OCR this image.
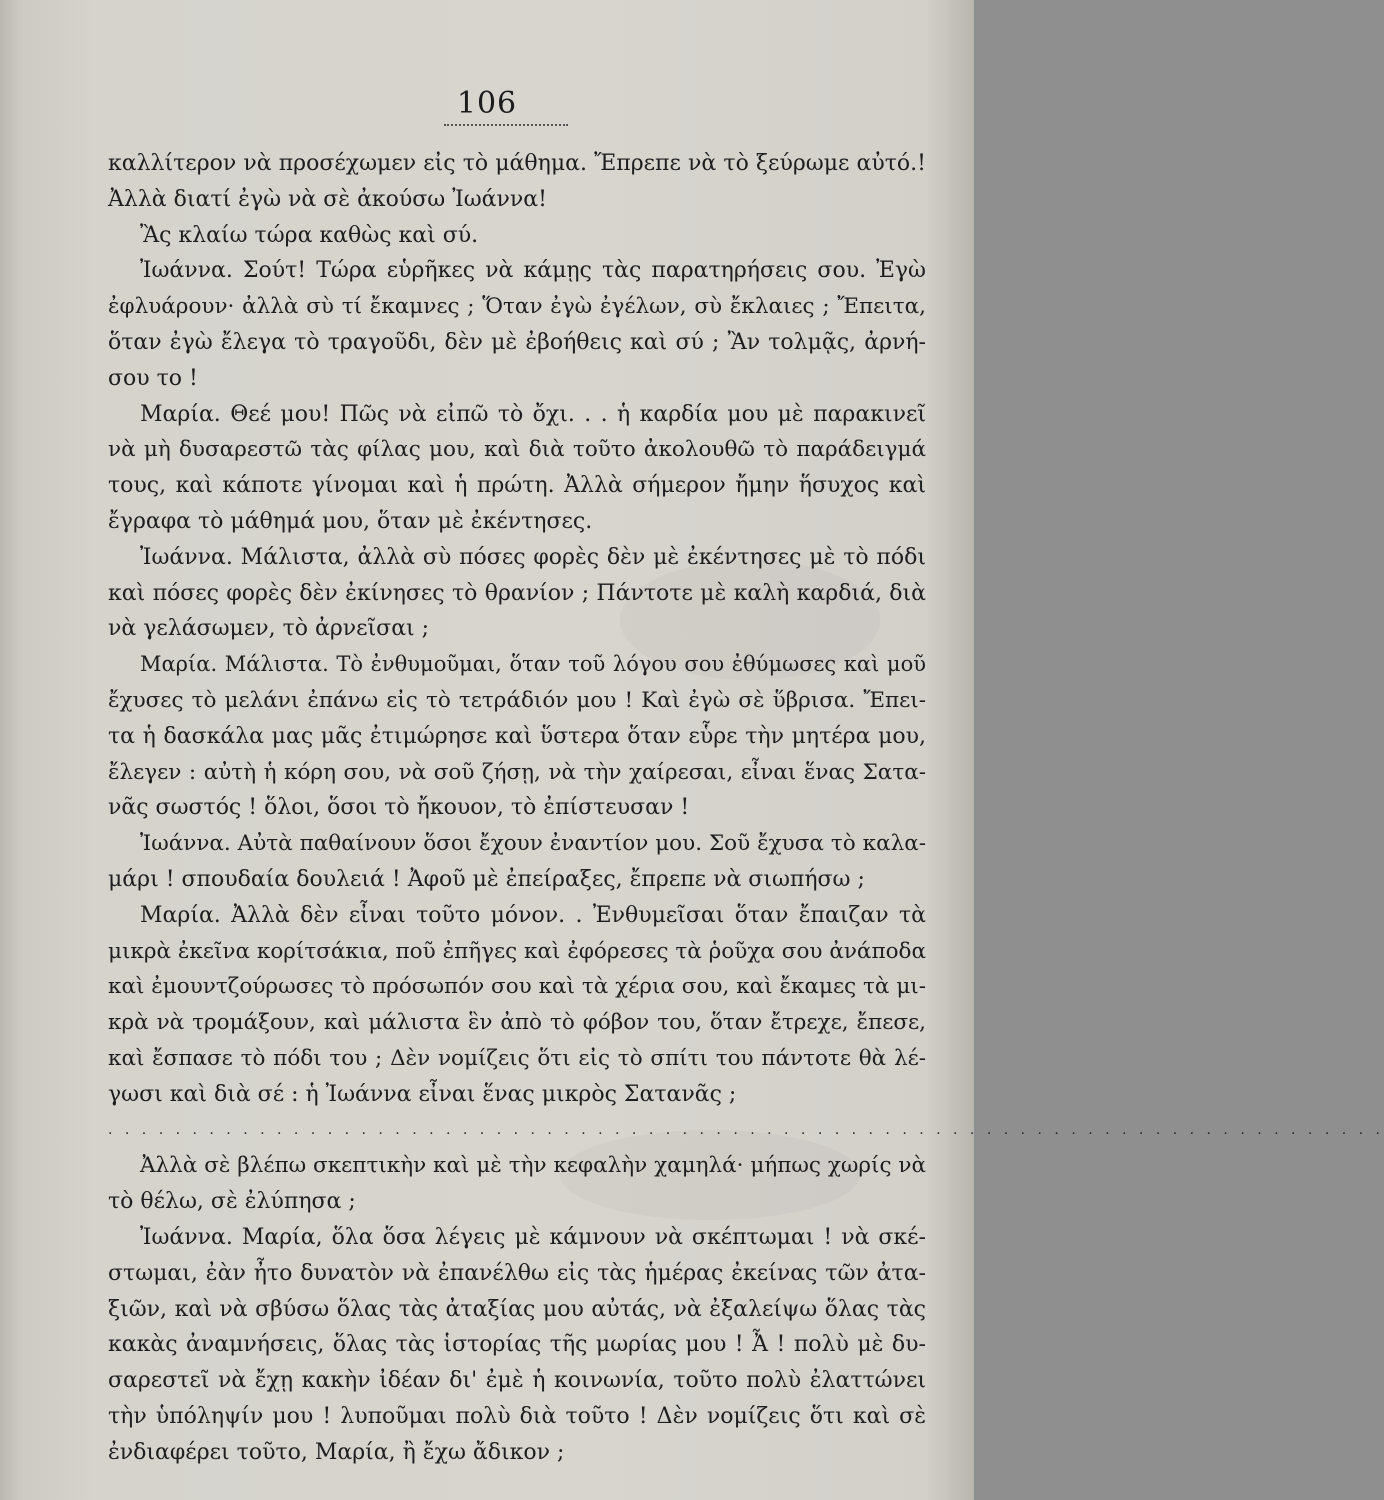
106
καλλίτερον νὰ προσέχωμεν εἰς τὸ μάθημα. Ἔπρεπε νὰ τὸ ξεύρωμε αὐτό.!
Ἀλλὰ διατί ἐγὼ νὰ σὲ ἀκούσω Ἰωάννα!
Ἂς κλαίω τώρα καθὼς καὶ σύ.
Ἰωάννα. Σούτ! Τώρα εὑρῆκες νὰ κάμῃς τὰς παρατηρήσεις σου. Ἐγὼ
ἐφλυάρουν· ἀλλὰ σὺ τί ἔκαμνες ; Ὅταν ἐγὼ ἐγέλων, σὺ ἔκλαιες ; Ἔπειτα,
ὅταν ἐγὼ ἔλεγα τὸ τραγοῦδι, δὲν μὲ ἐβοήθεις καὶ σύ ; Ἂν τολμᾷς, ἀρνή-
σου το !
Μαρία. Θεέ μου! Πῶς νὰ εἰπῶ τὸ ὄχι. . . ἡ καρδία μου μὲ παρακινεῖ
νὰ μὴ δυσαρεστῶ τὰς φίλας μου, καὶ διὰ τοῦτο ἀκολουθῶ τὸ παράδειγμά
τους, καὶ κάποτε γίνομαι καὶ ἡ πρώτη. Ἀλλὰ σήμερον ἤμην ἥσυχος καὶ
ἔγραφα τὸ μάθημά μου, ὅταν μὲ ἐκέντησες.
Ἰωάννα. Μάλιστα, ἀλλὰ σὺ πόσες φορὲς δὲν μὲ ἐκέντησες μὲ τὸ πόδι
καὶ πόσες φορὲς δὲν ἐκίνησες τὸ θρανίον ; Πάντοτε μὲ καλὴ καρδιά, διὰ
νὰ γελάσωμεν, τὸ ἀρνεῖσαι ;
Μαρία. Μάλιστα. Τὸ ἐνθυμοῦμαι, ὅταν τοῦ λόγου σου ἐθύμωσες καὶ μοῦ
ἔχυσες τὸ μελάνι ἐπάνω εἰς τὸ τετράδιόν μου ! Καὶ ἐγὼ σὲ ὕβρισα. Ἔπει-
τα ἡ δασκάλα μας μᾶς ἐτιμώρησε καὶ ὕστερα ὅταν εὗρε τὴν μητέρα μου,
ἔλεγεν : αὐτὴ ἡ κόρη σου, νὰ σοῦ ζήσῃ, νὰ τὴν χαίρεσαι, εἶναι ἕνας Σατα-
νᾶς σωστός ! ὅλοι, ὅσοι τὸ ἤκουον, τὸ ἐπίστευσαν !
Ἰωάννα. Αὐτὰ παθαίνουν ὅσοι ἔχουν ἐναντίον μου. Σοῦ ἔχυσα τὸ καλα-
μάρι ! σπουδαία δουλειά ! Ἀφοῦ μὲ ἐπείραξες, ἔπρεπε νὰ σιωπήσω ;
Μαρία. Ἀλλὰ δὲν εἶναι τοῦτο μόνον. . Ἐνθυμεῖσαι ὅταν ἔπαιζαν τὰ
μικρὰ ἐκεῖνα κορίτσάκια, ποῦ ἐπῆγες καὶ ἐφόρεσες τὰ ῥοῦχα σου ἀνάποδα
καὶ ἐμουντζούρωσες τὸ πρόσωπόν σου καὶ τὰ χέρια σου, καὶ ἔκαμες τὰ μι-
κρὰ νὰ τρομάξουν, καὶ μάλιστα ἓν ἀπὸ τὸ φόβον του, ὅταν ἔτρεχε, ἔπεσε,
καὶ ἔσπασε τὸ πόδι του ; Δὲν νομίζεις ὅτι εἰς τὸ σπίτι του πάντοτε θὰ λέ-
γωσι καὶ διὰ σέ : ἡ Ἰωάννα εἶναι ἕνας μικρὸς Σατανᾶς ;
. . . . . . . . . . . . . . . . . . . . . . . . . . . . . . . . . . . . . . . . . . . . . . . . . . . . . . . . . . . . . . . . . . . . . . . . . . . .
Ἀλλὰ σὲ βλέπω σκεπτικὴν καὶ μὲ τὴν κεφαλὴν χαμηλά· μήπως χωρίς νὰ
τὸ θέλω, σὲ ἐλύπησα ;
Ἰωάννα. Μαρία, ὅλα ὅσα λέγεις μὲ κάμνουν νὰ σκέπτωμαι ! νὰ σκέ-
στωμαι, ἐὰν ἦτο δυνατὸν νὰ ἐπανέλθω εἰς τὰς ἡμέρας ἐκείνας τῶν ἀτα-
ξιῶν, καὶ νὰ σβύσω ὅλας τὰς ἀταξίας μου αὐτάς, νὰ ἐξαλείψω ὅλας τὰς
κακὰς ἀναμνήσεις, ὅλας τὰς ἱστορίας τῆς μωρίας μου ! Ἆ ! πολὺ μὲ δυ-
σαρεστεῖ νὰ ἔχῃ κακὴν ἰδέαν δι' ἐμὲ ἡ κοινωνία, τοῦτο πολὺ ἐλαττώνει
τὴν ὑπόληψίν μου ! λυποῦμαι πολὺ διὰ τοῦτο ! Δὲν νομίζεις ὅτι καὶ σὲ
ἐνδιαφέρει τοῦτο, Μαρία, ἢ ἔχω ἄδικον ;
